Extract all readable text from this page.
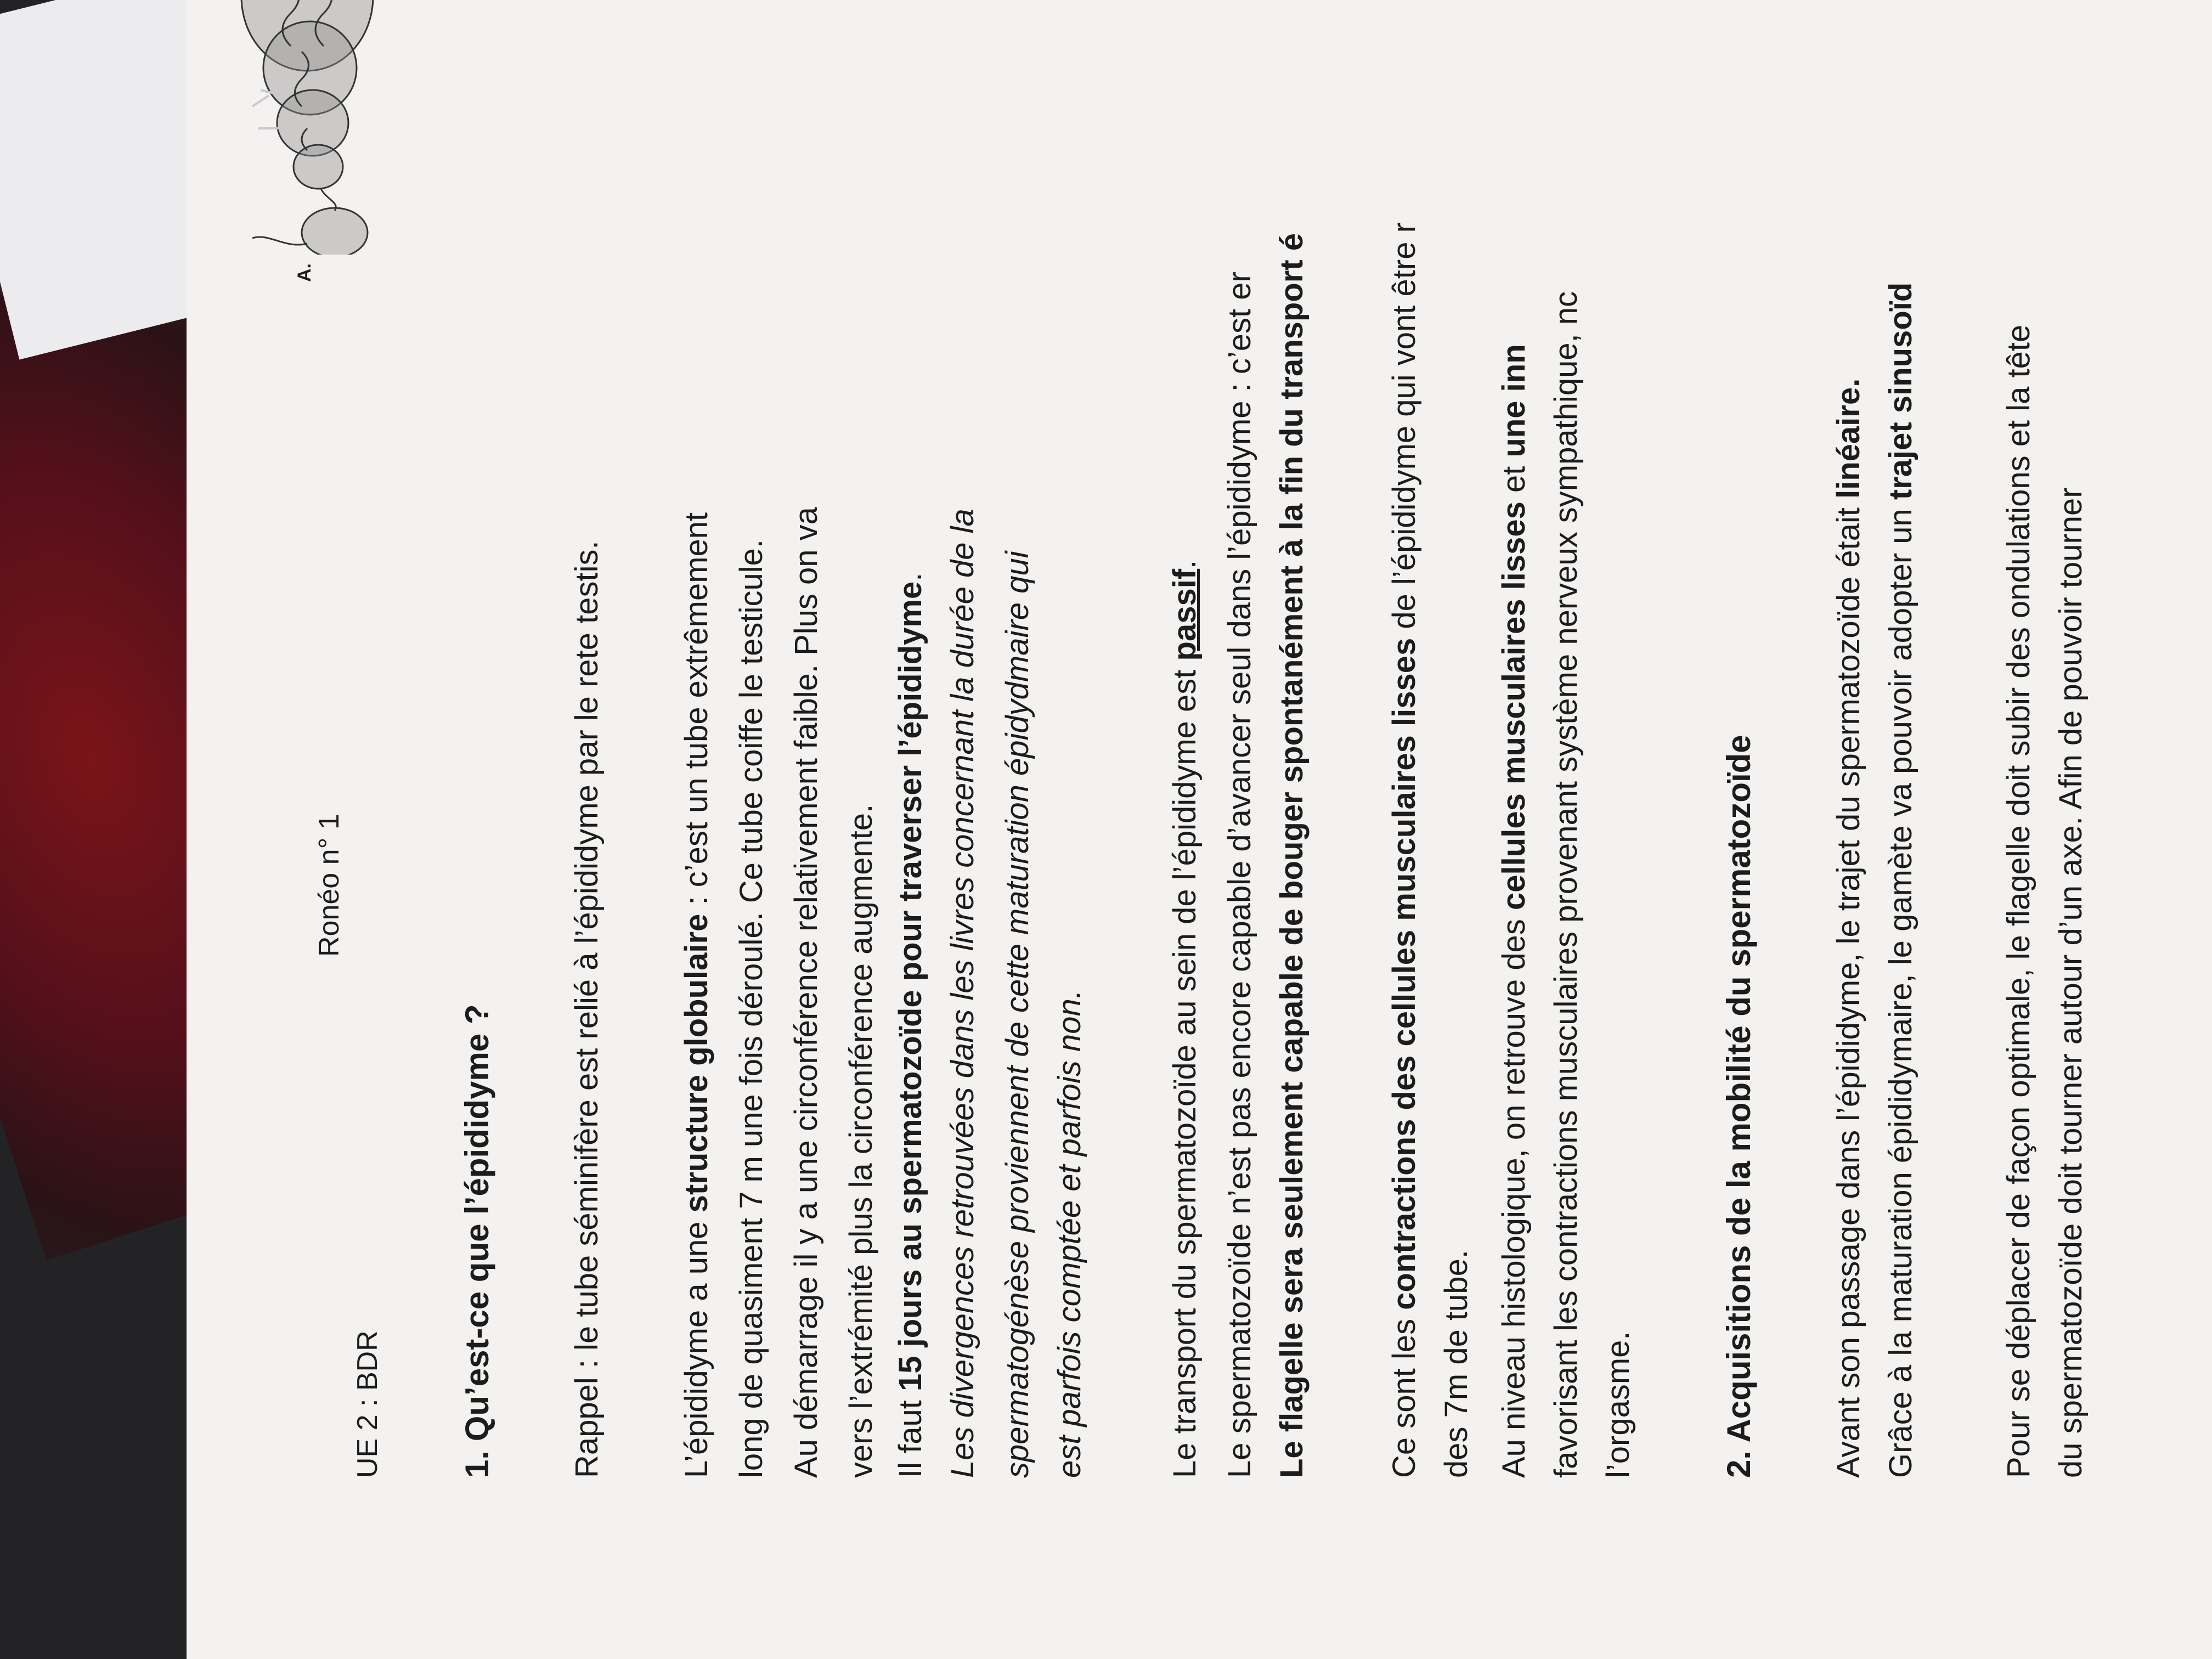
UE 2 : BDR
Ronéo n° 1
1. Qu’est-ce que l’épididyme ? Rappel : le tube séminifère est relié à l’épididyme par le rete testis. L’épididyme a une structure globulaire : c’est un tube extrêmement long de quasiment 7 m une fois déroulé. Ce tube coiffe le testicule. Au démarrage il y a une circonférence relativement faible. Plus on va vers l’extrémité plus la circonférence augmente. Il faut 15 jours au spermatozoïde pour traverser l’épididyme. Les divergences retrouvées dans les livres concernant la durée de la spermatogénèse proviennent de cette maturation épidydmaire qui est parfois comptée et parfois non.	Le transport du spermatozoïde au sein de l’épididyme est passif. Le spermatozoïde n’est pas encore capable d’avancer seul dans l’épididyme : c’est er Le flagelle sera seulement capable de bouger spontanément à la fin du transport é Ce sont les contractions des cellules musculaires lisses de l’épididyme qui vont être r
des 7m de tube. Au niveau histologique, on retrouve des cellules musculaires lisses et une inn favorisant les contractions musculaires provenant système nerveux sympathique, nc l’orgasme.	2. Acquisitions de la mobilité du spermatozoïde Avant son passage dans l’épididyme, le trajet du spermatozoïde était linéaire.
Grâce à la maturation épididymaire, le gamète va pouvoir adopter un trajet sinusoïd	Pour se déplacer de façon optimale, le flagelle doit subir des ondulations et la tête du spermatozoïde doit tourner autour d’un axe. Afin de pouvoir tourner
A.
